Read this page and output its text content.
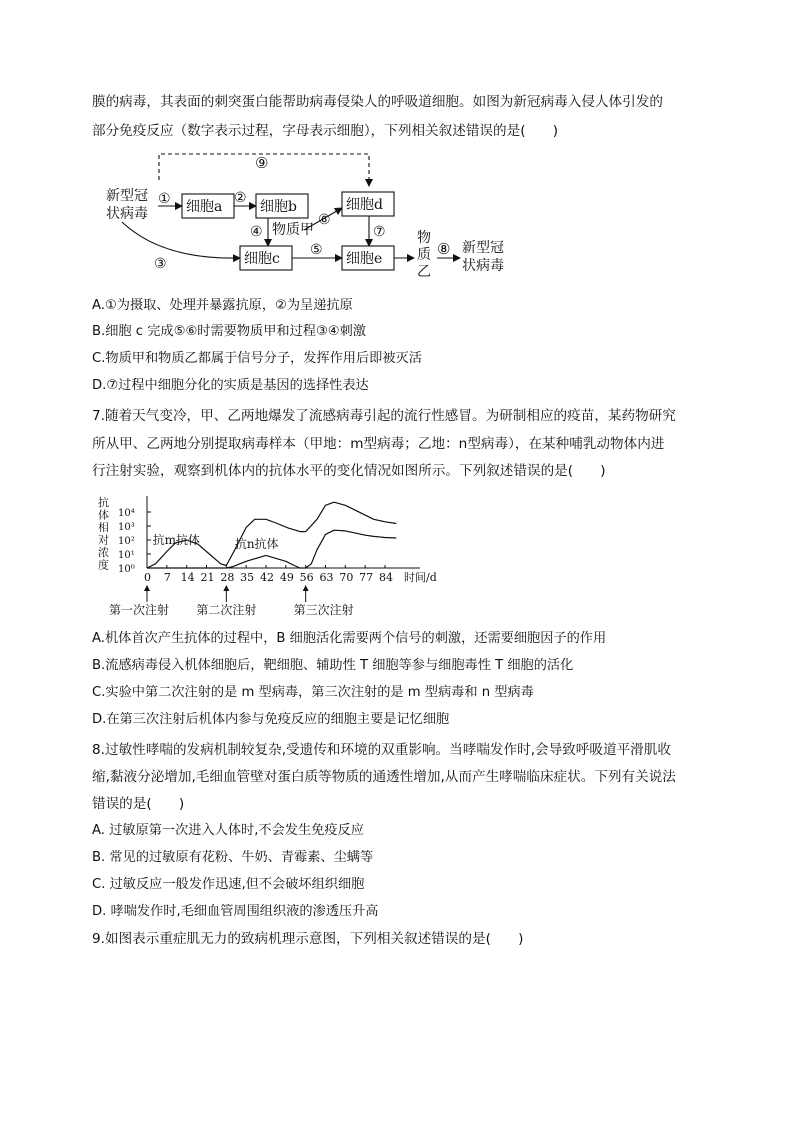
膜的病毒，其表面的刺突蛋白能帮助病毒侵染人的呼吸道细胞。如图为新冠病毒入侵人体引发的
部分免疫反应（数字表示过程，字母表示细胞），下列相关叙述错误的是(　　)
⑨
新型冠
状病毒
① 细胞a
②
细胞b
④ 物质甲
⑥
细胞d
⑦
③	细胞c
⑤
细胞e
物
质
乙
⑧ 新型冠
状病毒
A.①为摄取、处理并暴露抗原，②为呈递抗原
B.细胞 c 完成⑤⑥时需要物质甲和过程③④刺激
C.物质甲和物质乙都属于信号分子，发挥作用后即被灭活
D.⑦过程中细胞分化的实质是基因的选择性表达
7.随着天气变冷，甲、乙两地爆发了流感病毒引起的流行性感冒。为研制相应的疫苗，某药物研究
所从甲、乙两地分别提取病毒样本（甲地：m型病毒；乙地：n型病毒），在某种哺乳动物体内进
行注射实验，观察到机体内的抗体水平的变化情况如图所示。下列叙述错误的是(　　)
抗
体
相
对
浓
度 10⁰
10¹
10²
10³
10⁴
0 7 14 21 28 35 42 49 56 63 70 77 84 时间/d
抗m抗体	抗n抗体
第一次注射 第二次注射	第三次注射
A.机体首次产生抗体的过程中，B 细胞活化需要两个信号的刺激，还需要细胞因子的作用
B.流感病毒侵入机体细胞后，靶细胞、辅助性 T 细胞等参与细胞毒性 T 细胞的活化
C.实验中第二次注射的是 m 型病毒，第三次注射的是 m 型病毒和 n 型病毒
D.在第三次注射后机体内参与免疫反应的细胞主要是记忆细胞
8.过敏性哮喘的发病机制较复杂,受遗传和环境的双重影响。当哮喘发作时,会导致呼吸道平滑肌收
缩,黏液分泌增加,毛细血管壁对蛋白质等物质的通透性增加,从而产生哮喘临床症状。下列有关说法
错误的是(　　)
A. 过敏原第一次进入人体时,不会发生免疫反应
B. 常见的过敏原有花粉、牛奶、青霉素、尘螨等
C. 过敏反应一般发作迅速,但不会破坏组织细胞
D. 哮喘发作时,毛细血管周围组织液的渗透压升高
9.如图表示重症肌无力的致病机理示意图，下列相关叙述错误的是(　　)
